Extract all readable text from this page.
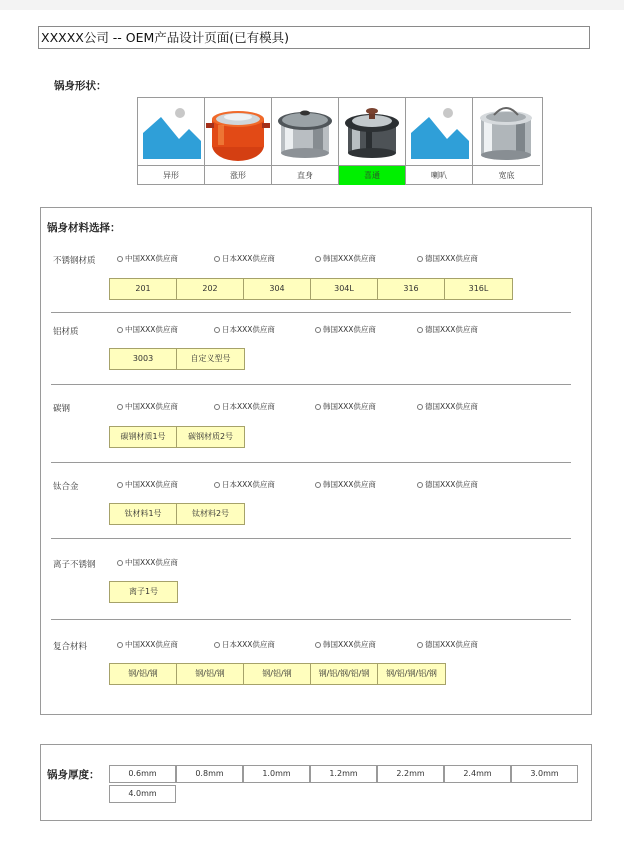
XXXXX公司 -- OEM产品设计页面(已有模具)
锅身形状：
异形	涨形	直身	喜通	喇叭	宽底
锅身材料选择：
不锈钢材质	中国XXX供应商	日本XXX供应商	韩国XXX供应商	德国XXX供应商
201	202	304	304L	316	316L
铝材质	中国XXX供应商	日本XXX供应商	韩国XXX供应商	德国XXX供应商
3003	自定义型号
碳钢	中国XXX供应商	日本XXX供应商	韩国XXX供应商	德国XXX供应商
碳钢材质1号	碳钢材质2号
钛合金	中国XXX供应商	日本XXX供应商	韩国XXX供应商	德国XXX供应商
钛材料1号	钛材料2号
离子不锈钢	中国XXX供应商
离子1号
复合材料	中国XXX供应商	日本XXX供应商	韩国XXX供应商	德国XXX供应商
钢/铝/钢	钢/铝/钢	钢/铝/钢	钢/铝/钢/铝/钢	钢/铝/钢/铝/钢
锅身厚度：	0.6mm	0.8mm	1.0mm	1.2mm	2.2mm	2.4mm	3.0mm
4.0mm
